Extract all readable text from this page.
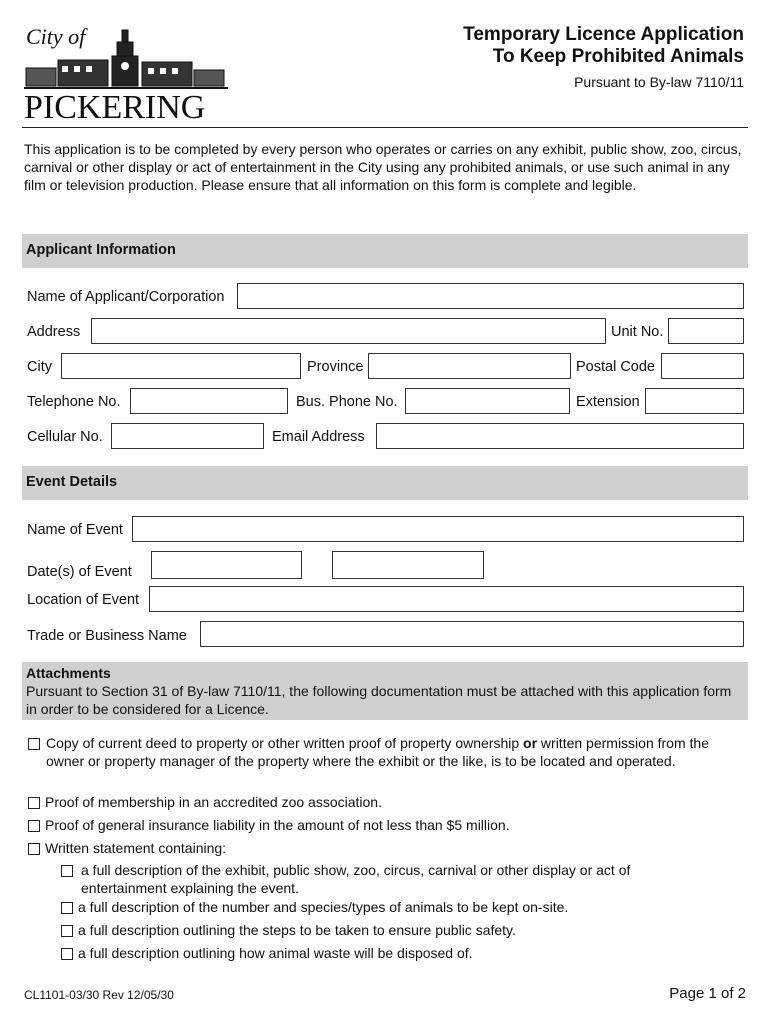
City of
PICKERING
Temporary Licence Application
To Keep Prohibited Animals
Pursuant to By-law 7110/11
This application is to be completed by every person who operates or carries on any exhibit, public show, zoo, circus, carnival or other display or act of entertainment in the City using any prohibited animals, or use such animal in any film or television production. Please ensure that all information on this form is complete and legible.
Applicant Information
Name of Applicant/Corporation
Address	Unit No.
City	Province	Postal Code
Telephone No.	Bus. Phone No.	Extension
Cellular No.	Email Address
Event Details
Name of Event
Date(s) of Event
Location of Event
Trade or Business Name
Attachments
Pursuant to Section 31 of By-law 7110/11, the following documentation must be attached with this application form in order to be considered for a Licence.
Copy of current deed to property or other written proof of property ownership or written permission from the owner or property manager of the property where the exhibit or the like, is to be located and operated.
Proof of membership in an accredited zoo association.
Proof of general insurance liability in the amount of not less than $5 million.
Written statement containing:
a full description of the exhibit, public show, zoo, circus, carnival or other display or act of entertainment explaining the event.
a full description of the number and species/types of animals to be kept on-site.
a full description outlining the steps to be taken to ensure public safety.
a full description outlining how animal waste will be disposed of.
CL1101-03/30 Rev 12/05/30	Page 1 of 2
